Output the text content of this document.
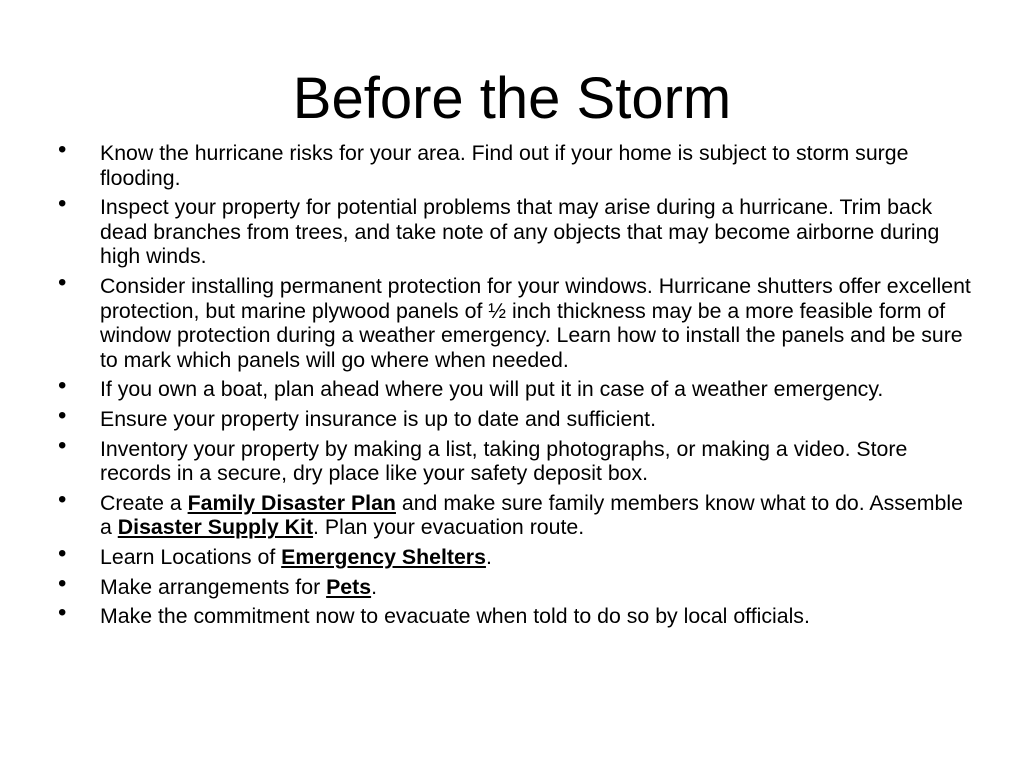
Before the Storm
• Know the hurricane risks for your area. Find out if your home is subject to storm surge flooding.
• Inspect your property for potential problems that may arise during a hurricane. Trim back dead branches from trees, and take note of any objects that may become airborne during high winds.
• Consider installing permanent protection for your windows. Hurricane shutters offer excellent protection, but marine plywood panels of ½ inch thickness may be a more feasible form of window protection during a weather emergency. Learn how to install the panels and be sure to mark which panels will go where when needed.
• If you own a boat, plan ahead where you will put it in case of a weather emergency.
• Ensure your property insurance is up to date and sufficient.
• Inventory your property by making a list, taking photographs, or making a video. Store records in a secure, dry place like your safety deposit box.
• Create a Family Disaster Plan and make sure family members know what to do. Assemble a Disaster Supply Kit. Plan your evacuation route.
• Learn Locations of Emergency Shelters.
• Make arrangements for Pets.
• Make the commitment now to evacuate when told to do so by local officials.
